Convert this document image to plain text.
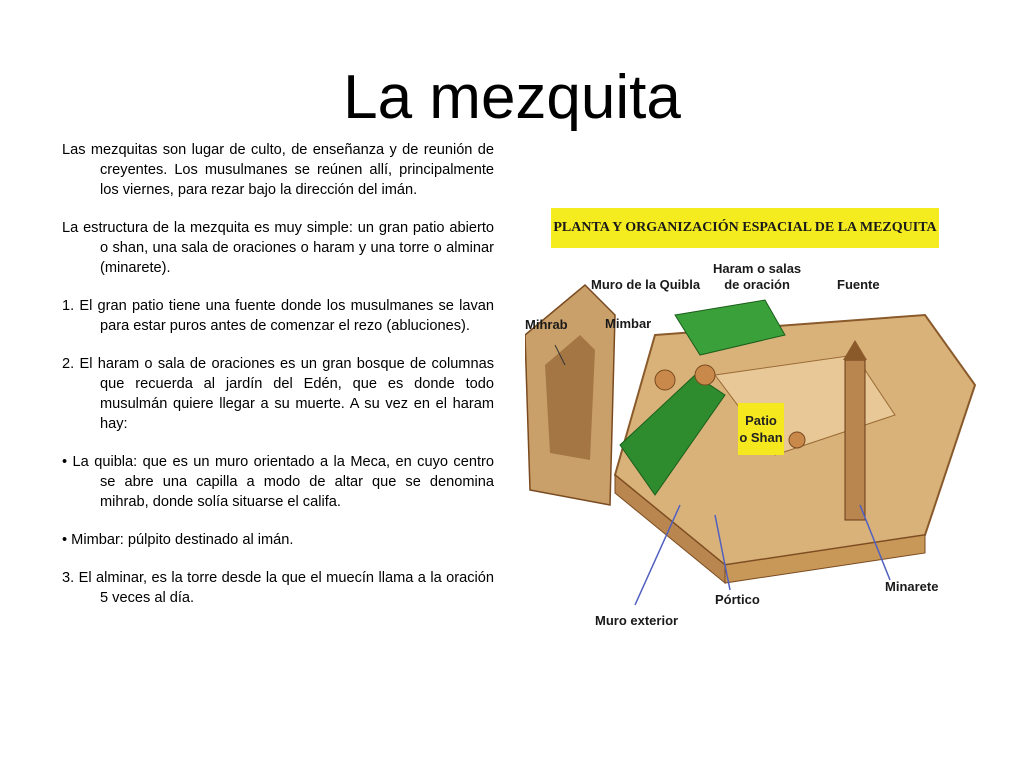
La mezquita

Las mezquitas son lugar de culto, de enseñanza y de reunión de creyentes. Los musulmanes se reúnen allí, principalmente los viernes, para rezar bajo la dirección del imán.

La estructura de la mezquita es muy simple: un gran patio abierto o shan, una sala de oraciones o haram y una torre o alminar (minarete).

1. El gran patio tiene una fuente donde los musulmanes se lavan para estar puros antes de comenzar el rezo (abluciones).

2. El haram o sala de oraciones es un gran bosque de columnas que recuerda al jardín del Edén, que es donde todo musulmán quiere llegar a su muerte. A su vez en el haram hay:

• La quibla: que es un muro orientado a la Meca, en cuyo centro se abre una capilla a modo de altar que se denomina mihrab, donde solía situarse el califa.

• Mimbar: púlpito destinado al imán.

3. El alminar, es la torre desde la que el muecín llama a la oración 5 veces al día.

PLANTA Y ORGANIZACIÓN ESPACIAL DE LA MEZQUITA
Muro de la Quibla
Haram o salas
de oración	Fuente
Mihrab	Mimbar
Patio
o Shan
Minarete
Pórtico
Muro exterior
